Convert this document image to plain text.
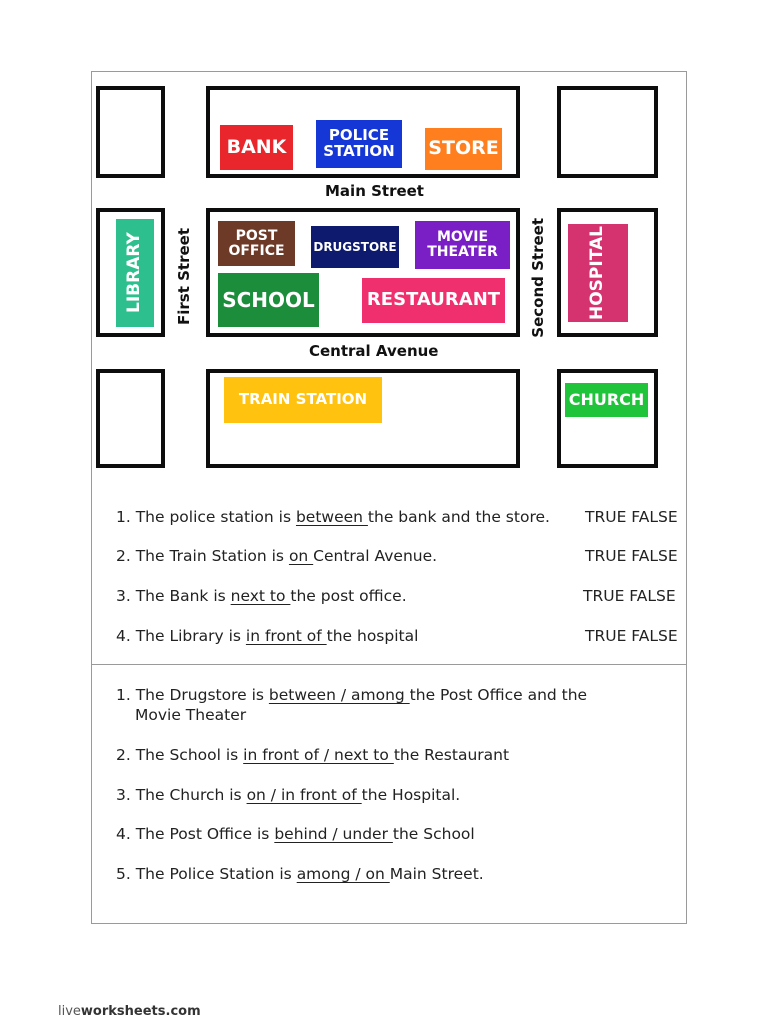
BANK
POLICE STATION	STORE
POST OFFICE	DRUGSTORE
MOVIE THEATER
SCHOOL	RESTAURANT
LIBRARY	HOSPITAL
TRAIN STATION	CHURCH
Main Street
Central Avenue
First Street	Second Street
1. The police station is between the bank and the store. TRUE FALSE
2. The Train Station is on Central Avenue.	TRUE FALSE
3. The Bank is next to the post office.	TRUE FALSE
4. The Library is in front of the hospital	TRUE FALSE
1. The Drugstore is between / among the Post Office and the
Movie Theater
2. The School is in front of / next to the Restaurant
3. The Church is on / in front of the Hospital.
4. The Post Office is behind / under the School
5. The Police Station is among / on Main Street.
liveworksheets.com
